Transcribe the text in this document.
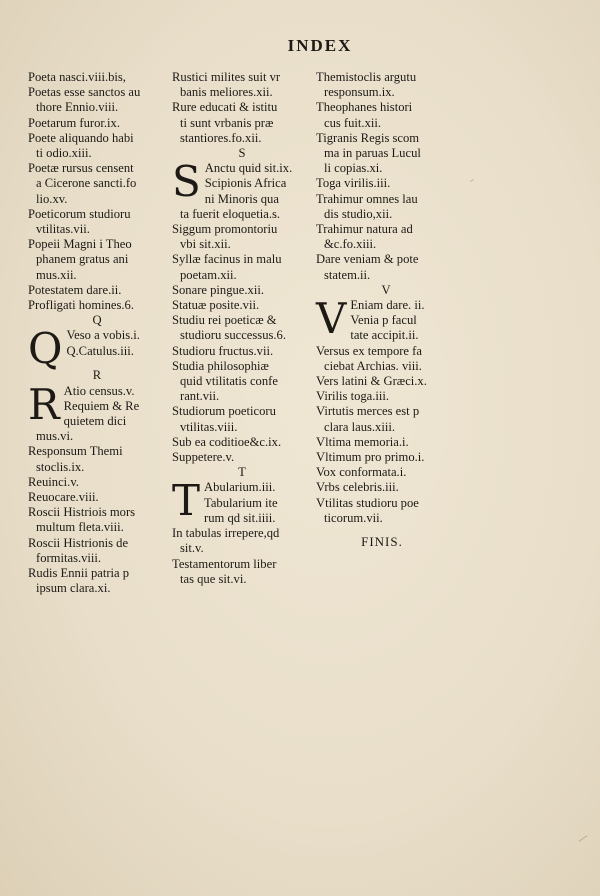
INDEX
Poeta nasci.viii.bis,
Poetas esse sanctos au
thore Ennio.viii.
Poetarum furor.ix.
Poete aliquando habi
ti odio.xiii.
Poetæ rursus censent
a Cicerone sancti.fo
lio.xv.
Poeticorum studioru
vtilitas.vii.
Popeii Magni i Theo
phanem gratus ani
mus.xii.
Potestatem dare.ii.
Profligati homines.6.
Q
Q Veso a vobis.i.
Q.Catulus.iii.
R
R Atio census.v.
Requiem & Re
quietem dici
mus.vi.
Responsum Themi
stoclis.ix.
Reuinci.v.
Reuocare.viii.
Roscii Histriois mors
multum fleta.viii.
Roscii Histrionis de
formitas.viii.
Rudis Ennii patria p
ipsum clara.xi.
Rustici milites suit vr
banis meliores.xii.
Rure educati & istitu
ti sunt vrbanis præ
stantiores.fo.xii.
S
S Anctu quid sit.ix.
Scipionis Africa
ni Minoris qua
ta fuerit eloquetia.s.
Siggum promontoriu
vbi sit.xii.
Syllæ facinus in malu
poetam.xii.
Sonare pingue.xii.
Statuæ posite.vii.
Studiu rei poeticæ &
studioru successus.6.
Studioru fructus.vii.
Studia philosophiæ
quid vtilitatis confe
rant.vii.
Studiorum poeticoru
vtilitas.viii.
Sub ea coditioe&c.ix.
Suppetere.v.
T
T Abularium.iii.
Tabularium ite
rum qd sit.iiii.
In tabulas irrepere,qd
sit.v.
Testamentorum liber
tas que sit.vi.
Themistoclis argutu
responsum.ix.
Theophanes histori
cus fuit.xii.
Tigranis Regis scom
ma in paruas Lucul
li copias.xi.
Toga virilis.iii.
Trahimur omnes lau
dis studio,xii.
Trahimur natura ad
&c.fo.xiii.
Dare veniam & pote
statem.ii.
V
V Eniam dare. ii.
Venia p facul
tate accipit.ii.
Versus ex tempore fa
ciebat Archias. viii.
Vers latini & Græci.x.
Virilis toga.iii.
Virtutis merces est p
clara laus.xiii.
Vltima memoria.i.
Vltimum pro primo.i.
Vox conformata.i.
Vrbs celebris.iii.
Vtilitas studioru poe
ticorum.vii.
FINIS.
